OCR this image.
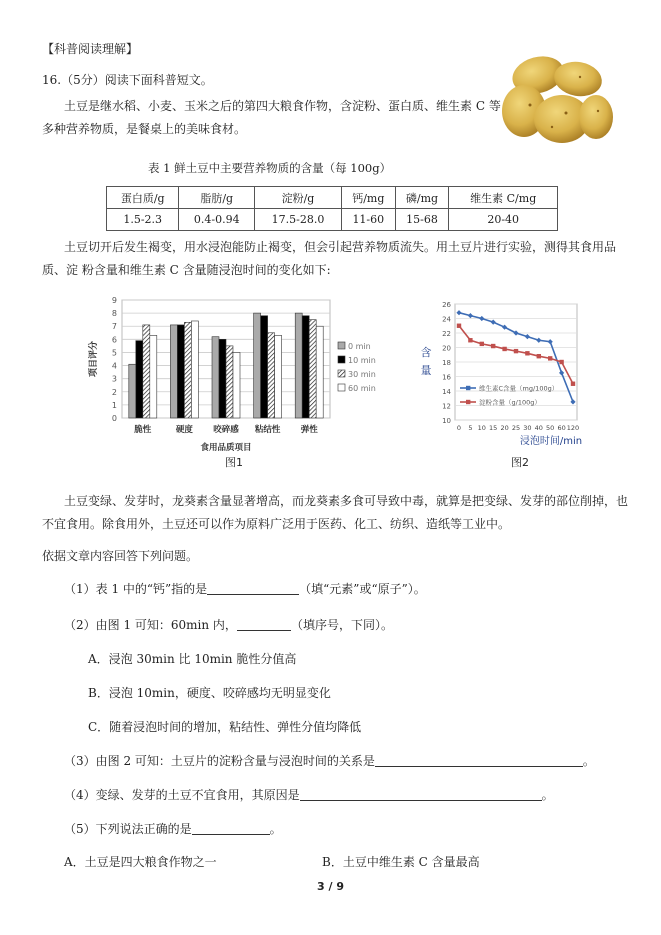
【科普阅读理解】
16.（5分）阅读下面科普短文。
土豆是继水稻、小麦、玉米之后的第四大粮食作物，含淀粉、蛋白质、维生素 C 等
多种营养物质，是餐桌上的美味食材。
表 1 鲜土豆中主要营养物质的含量（每 100g）
蛋白质/g	脂肪/g	淀粉/g	钙/mg	磷/mg	维生素 C/mg
1.5-2.3	0.4-0.94	17.5-28.0	11-60	15-68	20-40
土豆切开后发生褐变，用水浸泡能防止褐变，但会引起营养物质流失。用土豆片进行实验，测得其食用品
质、淀 粉含量和维生素 C 含量随浸泡时间的变化如下:
0
1
2
3
4
5
6
7
8
9
项目评分
脆性	硬度 咬碎感 粘结性 弹性
食用品质项目
0 min
10 min
30 min
60 min
图1
10
12
14
16
18
20
22
24
26
0 5 10 15 20 25 30 40 50 60 120
含
量
浸泡时间/min
维生素C含量（mg/100g）
淀粉含量（g/100g）
图2
土豆变绿、发芽时，龙葵素含量显著增高，而龙葵素多食可导致中毒，就算是把变绿、发芽的部位削掉，也
不宜食用。除食用外，土豆还可以作为原料广泛用于医药、化工、纺织、造纸等工业中。
依据文章内容回答下列问题。
（1）表 1 中的“钙”指的是	（填“元素”或“原子”）。
（2）由图 1 可知：60min 内，	（填序号，下同）。
A．浸泡 30min 比 10min 脆性分值高
B．浸泡 10min，硬度、咬碎感均无明显变化
C．随着浸泡时间的增加，粘结性、弹性分值均降低
（3）由图 2 可知：土豆片的淀粉含量与浸泡时间的关系是	。
（4）变绿、发芽的土豆不宜食用，其原因是	。
（5）下列说法正确的是	。
A．土豆是四大粮食作物之一	B．土豆中维生素 C 含量最高
3 / 9
